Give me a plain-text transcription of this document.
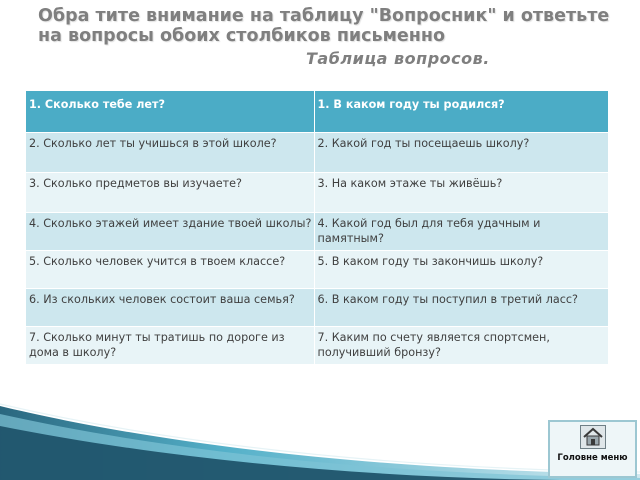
Обра тите внимание на таблицу "Вопросник" и ответьте на вопросы обоих столбиков письменно
Таблица вопросов.
1. Сколько тебе лет?	1. В каком году ты родился?
2. Сколько лет ты учишься в этой школе?	2. Какой год ты посещаешь школу?
3. Сколько предметов вы изучаете?	3. На каком этаже ты живёшь?
4. Сколько этажей имеет здание твоей школы?	4. Какой год был для тебя удачным и памятным?
5. Сколько человек учится в твоем классе?	5. В каком году ты закончишь школу?
6. Из скольких человек состоит ваша семья?	6. В каком году ты поступил в третий ласс?
7. Сколько минут ты тратишь по дороге из дома в школу?	7. Каким по счету является спортсмен, получивший бронзу?
Головне меню
